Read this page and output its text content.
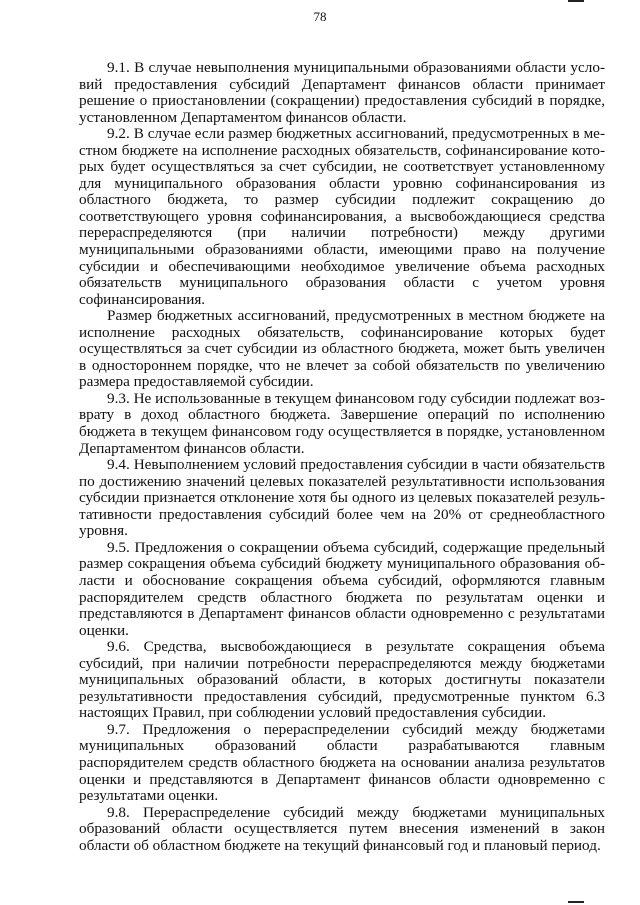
78

9.1. В случае невыполнения муниципальными образованиями области условий предоставления субсидий Департамент финансов области принимает решение о приостановлении (сокращении) предоставления субсидий в порядке, установленном Департаментом финансов области.

9.2. В случае если размер бюджетных ассигнований, предусмотренных в местном бюджете на исполнение расходных обязательств, софинансирование которых будет осуществляться за счет субсидии, не соответствует установленному для муниципального образования области уровню софинансирования из областного бюджета, то размер субсидии подлежит сокращению до соответствующего уровня софинансирования, а высвобождающиеся средства перераспределяются (при наличии потребности) между другими муниципальными образованиями области, имеющими право на получение субсидии и обеспечивающими необходимое увеличение объема расходных обязательств муниципального образования области с учетом уровня софинансирования.

Размер бюджетных ассигнований, предусмотренных в местном бюджете на исполнение расходных обязательств, софинансирование которых будет осуществляться за счет субсидии из областного бюджета, может быть увеличен в одностороннем порядке, что не влечет за собой обязательств по увеличению размера предоставляемой субсидии.

9.3. Не использованные в текущем финансовом году субсидии подлежат возврату в доход областного бюджета. Завершение операций по исполнению бюджета в текущем финансовом году осуществляется в порядке, установленном Департаментом финансов области.

9.4. Невыполнением условий предоставления субсидии в части обязательств по достижению значений целевых показателей результативности использования субсидии признается отклонение хотя бы одного из целевых показателей результативности предоставления субсидий более чем на 20% от среднеобластного уровня.

9.5. Предложения о сокращении объема субсидий, содержащие предельный размер сокращения объема субсидий бюджету муниципального образования области и обоснование сокращения объема субсидий, оформляются главным распорядителем средств областного бюджета по результатам оценки и представляются в Департамент финансов области одновременно с результатами оценки.

9.6. Средства, высвобождающиеся в результате сокращения объема субсидий, при наличии потребности перераспределяются между бюджетами муниципальных образований области, в которых достигнуты показатели результативности предоставления субсидий, предусмотренные пунктом 6.3 настоящих Правил, при соблюдении условий предоставления субсидии.

9.7. Предложения о перераспределении субсидий между бюджетами муниципальных образований области разрабатываются главным распорядителем средств областного бюджета на основании анализа результатов оценки и представляются в Департамент финансов области одновременно с результатами оценки.

9.8. Перераспределение субсидий между бюджетами муниципальных образований области осуществляется путем внесения изменений в закон области об областном бюджете на текущий финансовый год и плановый период.
